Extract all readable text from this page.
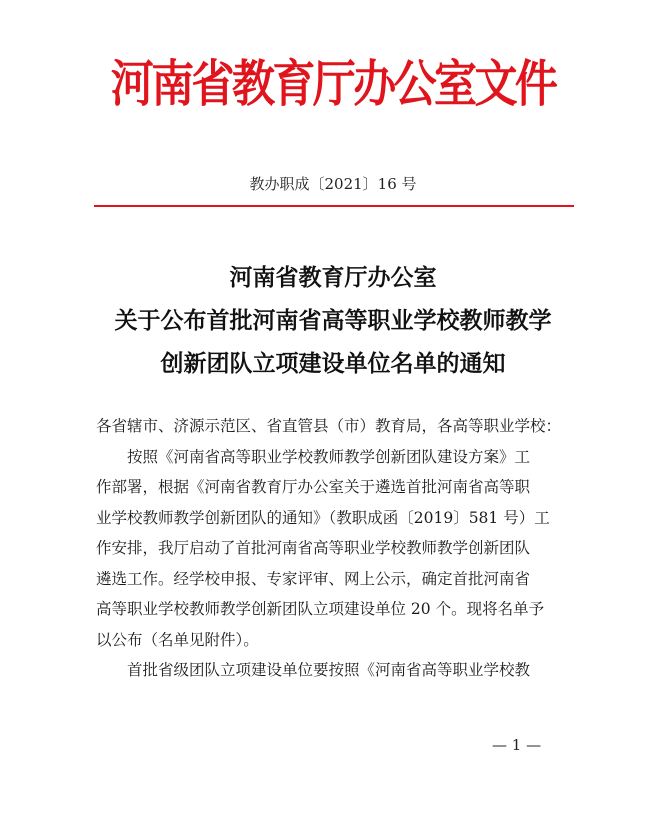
河南省教育厅办公室文件
教办职成〔2021〕16 号
河南省教育厅办公室
关于公布首批河南省高等职业学校教师教学
创新团队立项建设单位名单的通知
各省辖市、济源示范区、省直管县（市）教育局，各高等职业学校：
按照《河南省高等职业学校教师教学创新团队建设方案》工
作部署，根据《河南省教育厅办公室关于遴选首批河南省高等职
业学校教师教学创新团队的通知》（教职成函〔2019〕581 号）工
作安排，我厅启动了首批河南省高等职业学校教师教学创新团队
遴选工作。经学校申报、专家评审、网上公示，确定首批河南省
高等职业学校教师教学创新团队立项建设单位 20 个。现将名单予
以公布（名单见附件）。
首批省级团队立项建设单位要按照《河南省高等职业学校教
— 1 —
